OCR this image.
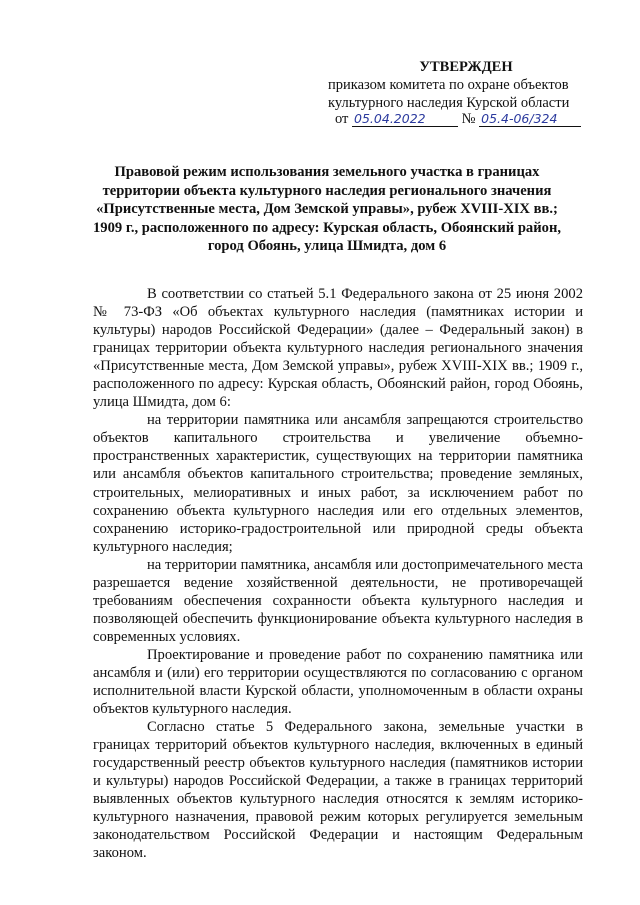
УТВЕРЖДЕН
приказом комитета по охране объектов
культурного наследия Курской области
от 05.04.2022 № 05.4-06/324
Правовой режим использования земельного участка в границах территории объекта культурного наследия регионального значения «Присутственные места, Дом Земской управы», рубеж XVIII-XIX вв.; 1909 г., расположенного по адресу: Курская область, Обоянский район, город Обоянь, улица Шмидта, дом 6

В соответствии со статьей 5.1 Федерального закона от 25 июня 2002 № 73-ФЗ «Об объектах культурного наследия (памятниках истории и культуры) народов Российской Федерации» (далее – Федеральный закон) в границах территории объекта культурного наследия регионального значения «Присутственные места, Дом Земской управы», рубеж XVIII-XIX вв.; 1909 г., расположенного по адресу: Курская область, Обоянский район, город Обоянь, улица Шмидта, дом 6:

на территории памятника или ансамбля запрещаются строительство объектов капитального строительства и увеличение объемно-пространственных характеристик, существующих на территории памятника или ансамбля объектов капитального строительства; проведение земляных, строительных, мелиоративных и иных работ, за исключением работ по сохранению объекта культурного наследия или его отдельных элементов, сохранению историко-градостроительной или природной среды объекта культурного наследия;

на территории памятника, ансамбля или достопримечательного места разрешается ведение хозяйственной деятельности, не противоречащей требованиям обеспечения сохранности объекта культурного наследия и позволяющей обеспечить функционирование объекта культурного наследия в современных условиях.

Проектирование и проведение работ по сохранению памятника или ансамбля и (или) его территории осуществляются по согласованию с органом исполнительной власти Курской области, уполномоченным в области охраны объектов культурного наследия.

Согласно статье 5 Федерального закона, земельные участки в границах территорий объектов культурного наследия, включенных в единый государственный реестр объектов культурного наследия (памятников истории и культуры) народов Российской Федерации, а также в границах территорий выявленных объектов культурного наследия относятся к землям историко-культурного назначения, правовой режим которых регулируется земельным законодательством Российской Федерации и настоящим Федеральным законом.
